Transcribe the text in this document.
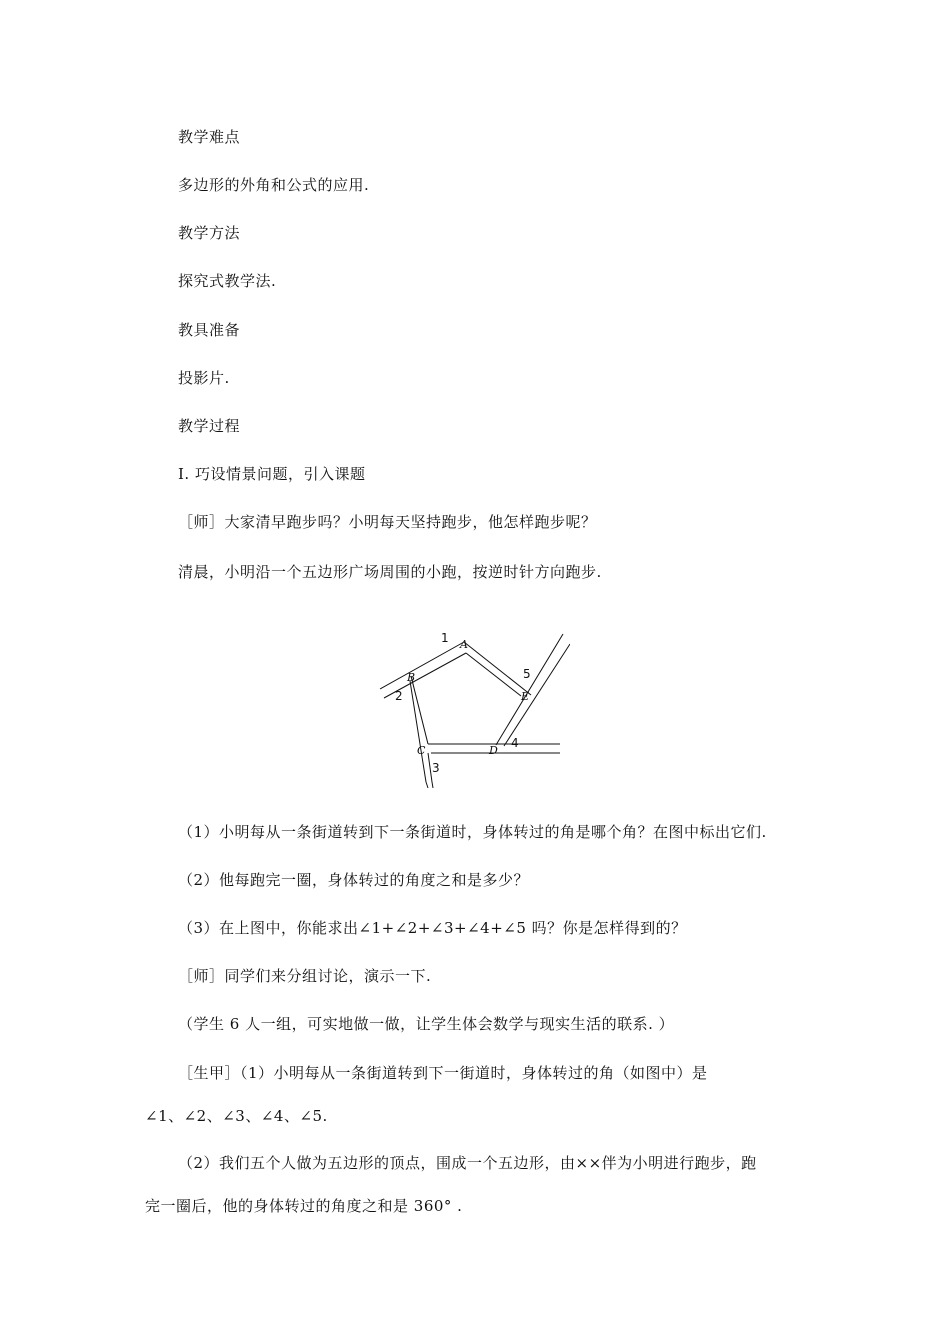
教学难点
多边形的外角和公式的应用.
教学方法
探究式教学法.
教具准备
投影片.
教学过程
Ⅰ. 巧设情景问题，引入课题
［师］大家清早跑步吗？小明每天坚持跑步，他怎样跑步呢？
清晨，小明沿一个五边形广场周围的小跑，按逆时针方向跑步.
A
B
C	D
E
1
2
3
4
5
（1）小明每从一条街道转到下一条街道时，身体转过的角是哪个角？在图中标出它们.
（2）他每跑完一圈，身体转过的角度之和是多少？
（3）在上图中，你能求出∠1+∠2+∠3+∠4+∠5 吗？你是怎样得到的？
［师］同学们来分组讨论，演示一下.
（学生 6 人一组，可实地做一做，让学生体会数学与现实生活的联系. ）
［生甲］（1）小明每从一条街道转到下一街道时，身体转过的角（如图中）是
∠1、∠2、∠3、∠4、∠5.
（2）我们五个人做为五边形的顶点，围成一个五边形，由××伴为小明进行跑步，跑
完一圈后，他的身体转过的角度之和是 360° .
